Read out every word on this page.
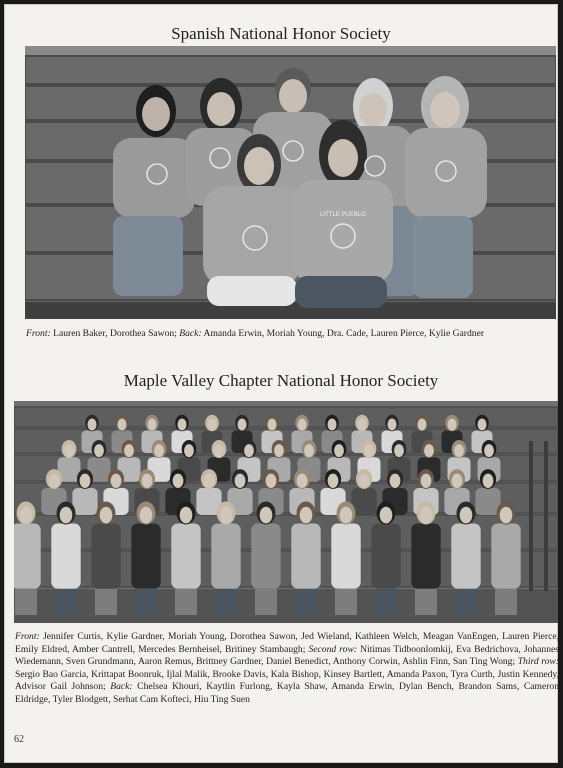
Spanish National Honor Society
LITTLE PUEBLO
Front: Lauren Baker, Dorothea Sawon; Back: Amanda Erwin, Moriah Young, Dra. Cade, Lauren Pierce, Kylie Gardner
Maple Valley Chapter National Honor Society
Front: Jennifer Curtis, Kylie Gardner, Moriah Young, Dorothea Sawon, Jed Wieland, Kathleen Welch, Meagan VanEngen, Lauren Pierce, Emily Eldred, Amber Cantrell, Mercedes Bernheisel, Britiney Stambaugh; Second row: Nitimas Tidboonlomkij, Eva Bedrichova, Johannes Wiedemann, Sven Grundmann, Aaron Remus, Brittney Gardner, Daniel Benedict, Anthony Corwin, Ashlin Finn, San Ting Wong; Third row: Sergio Bao Garcia, Krittapat Boonruk, Ijlal Malik, Brooke Davis, Kala Bishop, Kinsey Bartlett, Amanda Paxon, Tyra Curth, Justin Kennedy, Advisor Gail Johnson; Back: Chelsea Khouri, Kaytlin Furlong, Kayla Shaw, Amanda Erwin, Dylan Bench, Brandon Sams, Cameron Eldridge, Tyler Blodgett, Serhat Cam Kofteci, Hiu Ting Suen
62
